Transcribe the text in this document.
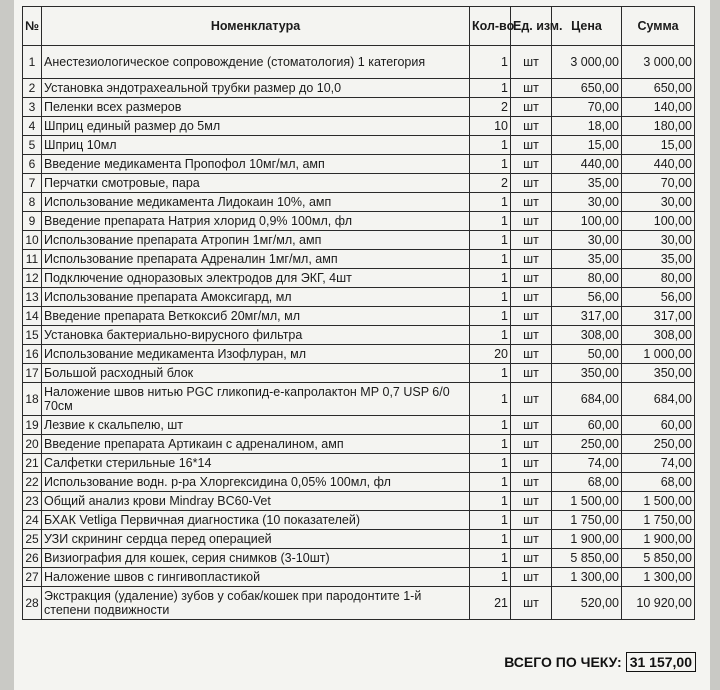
№	Номенклатура	Кол-во	Ед. изм.	Цена	Сумма
1	Анестезиологическое сопровождение (стоматология) 1 категория	1	шт	3 000,00	3 000,00
2	Установка эндотрахеальной трубки размер до 10,0	1	шт	650,00	650,00
3	Пеленки всех размеров	2	шт	70,00	140,00
4	Шприц единый размер до 5мл	10	шт	18,00	180,00
5	Шприц 10мл	1	шт	15,00	15,00
6	Введение медикамента Пропофол 10мг/мл, амп	1	шт	440,00	440,00
7	Перчатки смотровые, пара	2	шт	35,00	70,00
8	Использование медикамента Лидокаин 10%, амп	1	шт	30,00	30,00
9	Введение препарата Натрия хлорид 0,9% 100мл, фл	1	шт	100,00	100,00
10	Использование препарата Атропин 1мг/мл, амп	1	шт	30,00	30,00
11	Использование препарата Адреналин 1мг/мл, амп	1	шт	35,00	35,00
12	Подключение одноразовых электродов для ЭКГ, 4шт	1	шт	80,00	80,00
13	Использование препарата Амоксигард, мл	1	шт	56,00	56,00
14	Введение препарата Веткоксиб 20мг/мл, мл	1	шт	317,00	317,00
15	Установка бактериально-вирусного фильтра	1	шт	308,00	308,00
16	Использование медикамента Изофлуран, мл	20	шт	50,00	1 000,00
17	Большой расходный блок	1	шт	350,00	350,00
18	Наложение швов нитью PGC гликопид-е-капролактон МР 0,7 USP 6/0 70см	1	шт	684,00	684,00
19	Лезвие к скальпелю, шт	1	шт	60,00	60,00
20	Введение препарата Артикаин с адреналином, амп	1	шт	250,00	250,00
21	Салфетки стерильные 16*14	1	шт	74,00	74,00
22	Использование водн. р-ра Хлоргексидина 0,05% 100мл, фл	1	шт	68,00	68,00
23	Общий анализ крови Mindray BC60-Vet	1	шт	1 500,00	1 500,00
24	БХАК Vetliga Первичная диагностика (10 показателей)	1	шт	1 750,00	1 750,00
25	УЗИ скрининг сердца перед операцией	1	шт	1 900,00	1 900,00
26	Визиография для кошек, серия снимков (3-10шт)	1	шт	5 850,00	5 850,00
27	Наложение швов с гингивопластикой	1	шт	1 300,00	1 300,00
28	Экстракция (удаление) зубов у собак/кошек при пародонтите 1-й степени подвижности	21	шт	520,00	10 920,00
ВСЕГО ПО ЧЕКУ: 31 157,00
